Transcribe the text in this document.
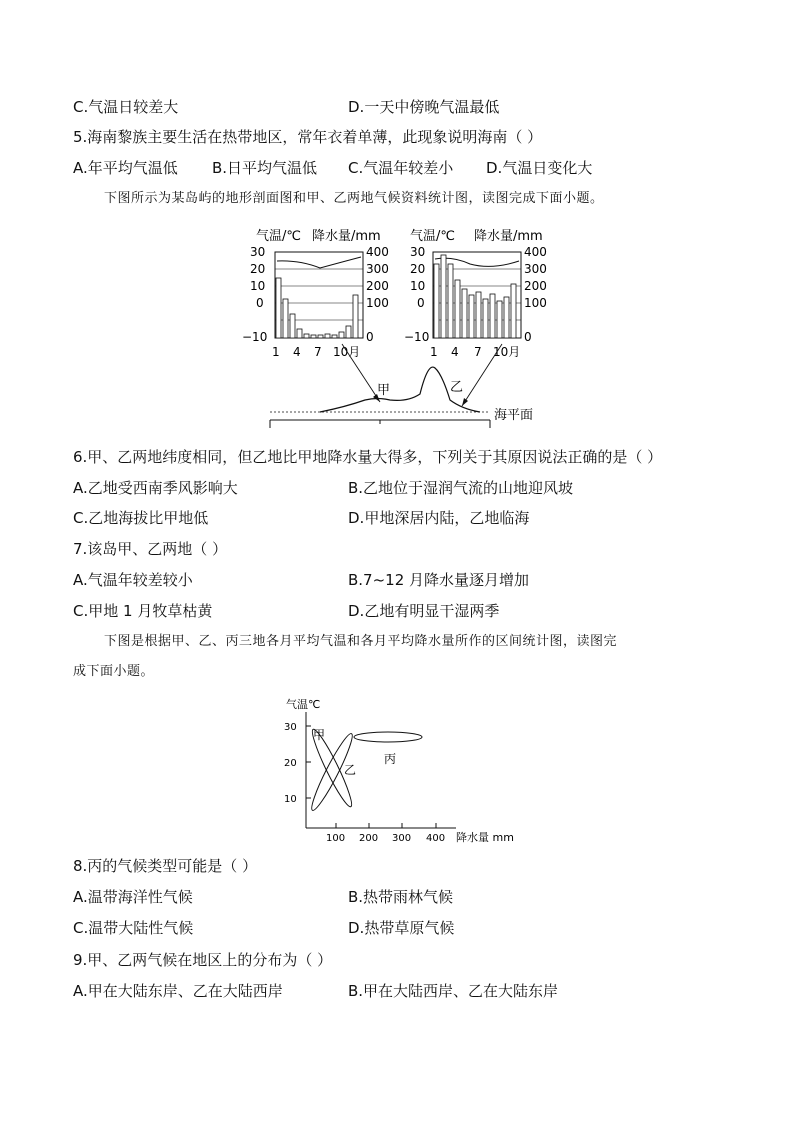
C.气温日较差大	D.一天中傍晚气温最低
5.海南黎族主要生活在热带地区，常年衣着单薄，此现象说明海南（ ）
A.年平均气温低 B.日平均气温低 C.气温年较差小 D.气温日变化大
下图所示为某岛屿的地形剖面图和甲、乙两地气候资料统计图，读图完成下面小题。
气温/℃ 降水量/mm
30
20
10
0
−10
400
300
200
100
0
1 4 7 10月
气温/℃ 降水量/mm
30
20
10
0
−10
400
300
200
100
0
1 4 7 10月
甲	乙
海平面
6.甲、乙两地纬度相同，但乙地比甲地降水量大得多，下列关于其原因说法正确的是（ ）
A.乙地受西南季风影响大	B.乙地位于湿润气流的山地迎风坡
C.乙地海拔比甲地低	D.甲地深居内陆，乙地临海
7.该岛甲、乙两地（ ）
A.气温年较差较小	B.7~12 月降水量逐月增加
C.甲地 1 月牧草枯黄	D.乙地有明显干湿两季
下图是根据甲、乙、丙三地各月平均气温和各月平均降水量所作的区间统计图，读图完
成下面小题。
气温℃
30
20
10
100 200 300 400 降水量 mm
甲
乙
丙
8.丙的气候类型可能是（ ）
A.温带海洋性气候	B.热带雨林气候
C.温带大陆性气候	D.热带草原气候
9.甲、乙两气候在地区上的分布为（ ）
A.甲在大陆东岸、乙在大陆西岸	B.甲在大陆西岸、乙在大陆东岸
